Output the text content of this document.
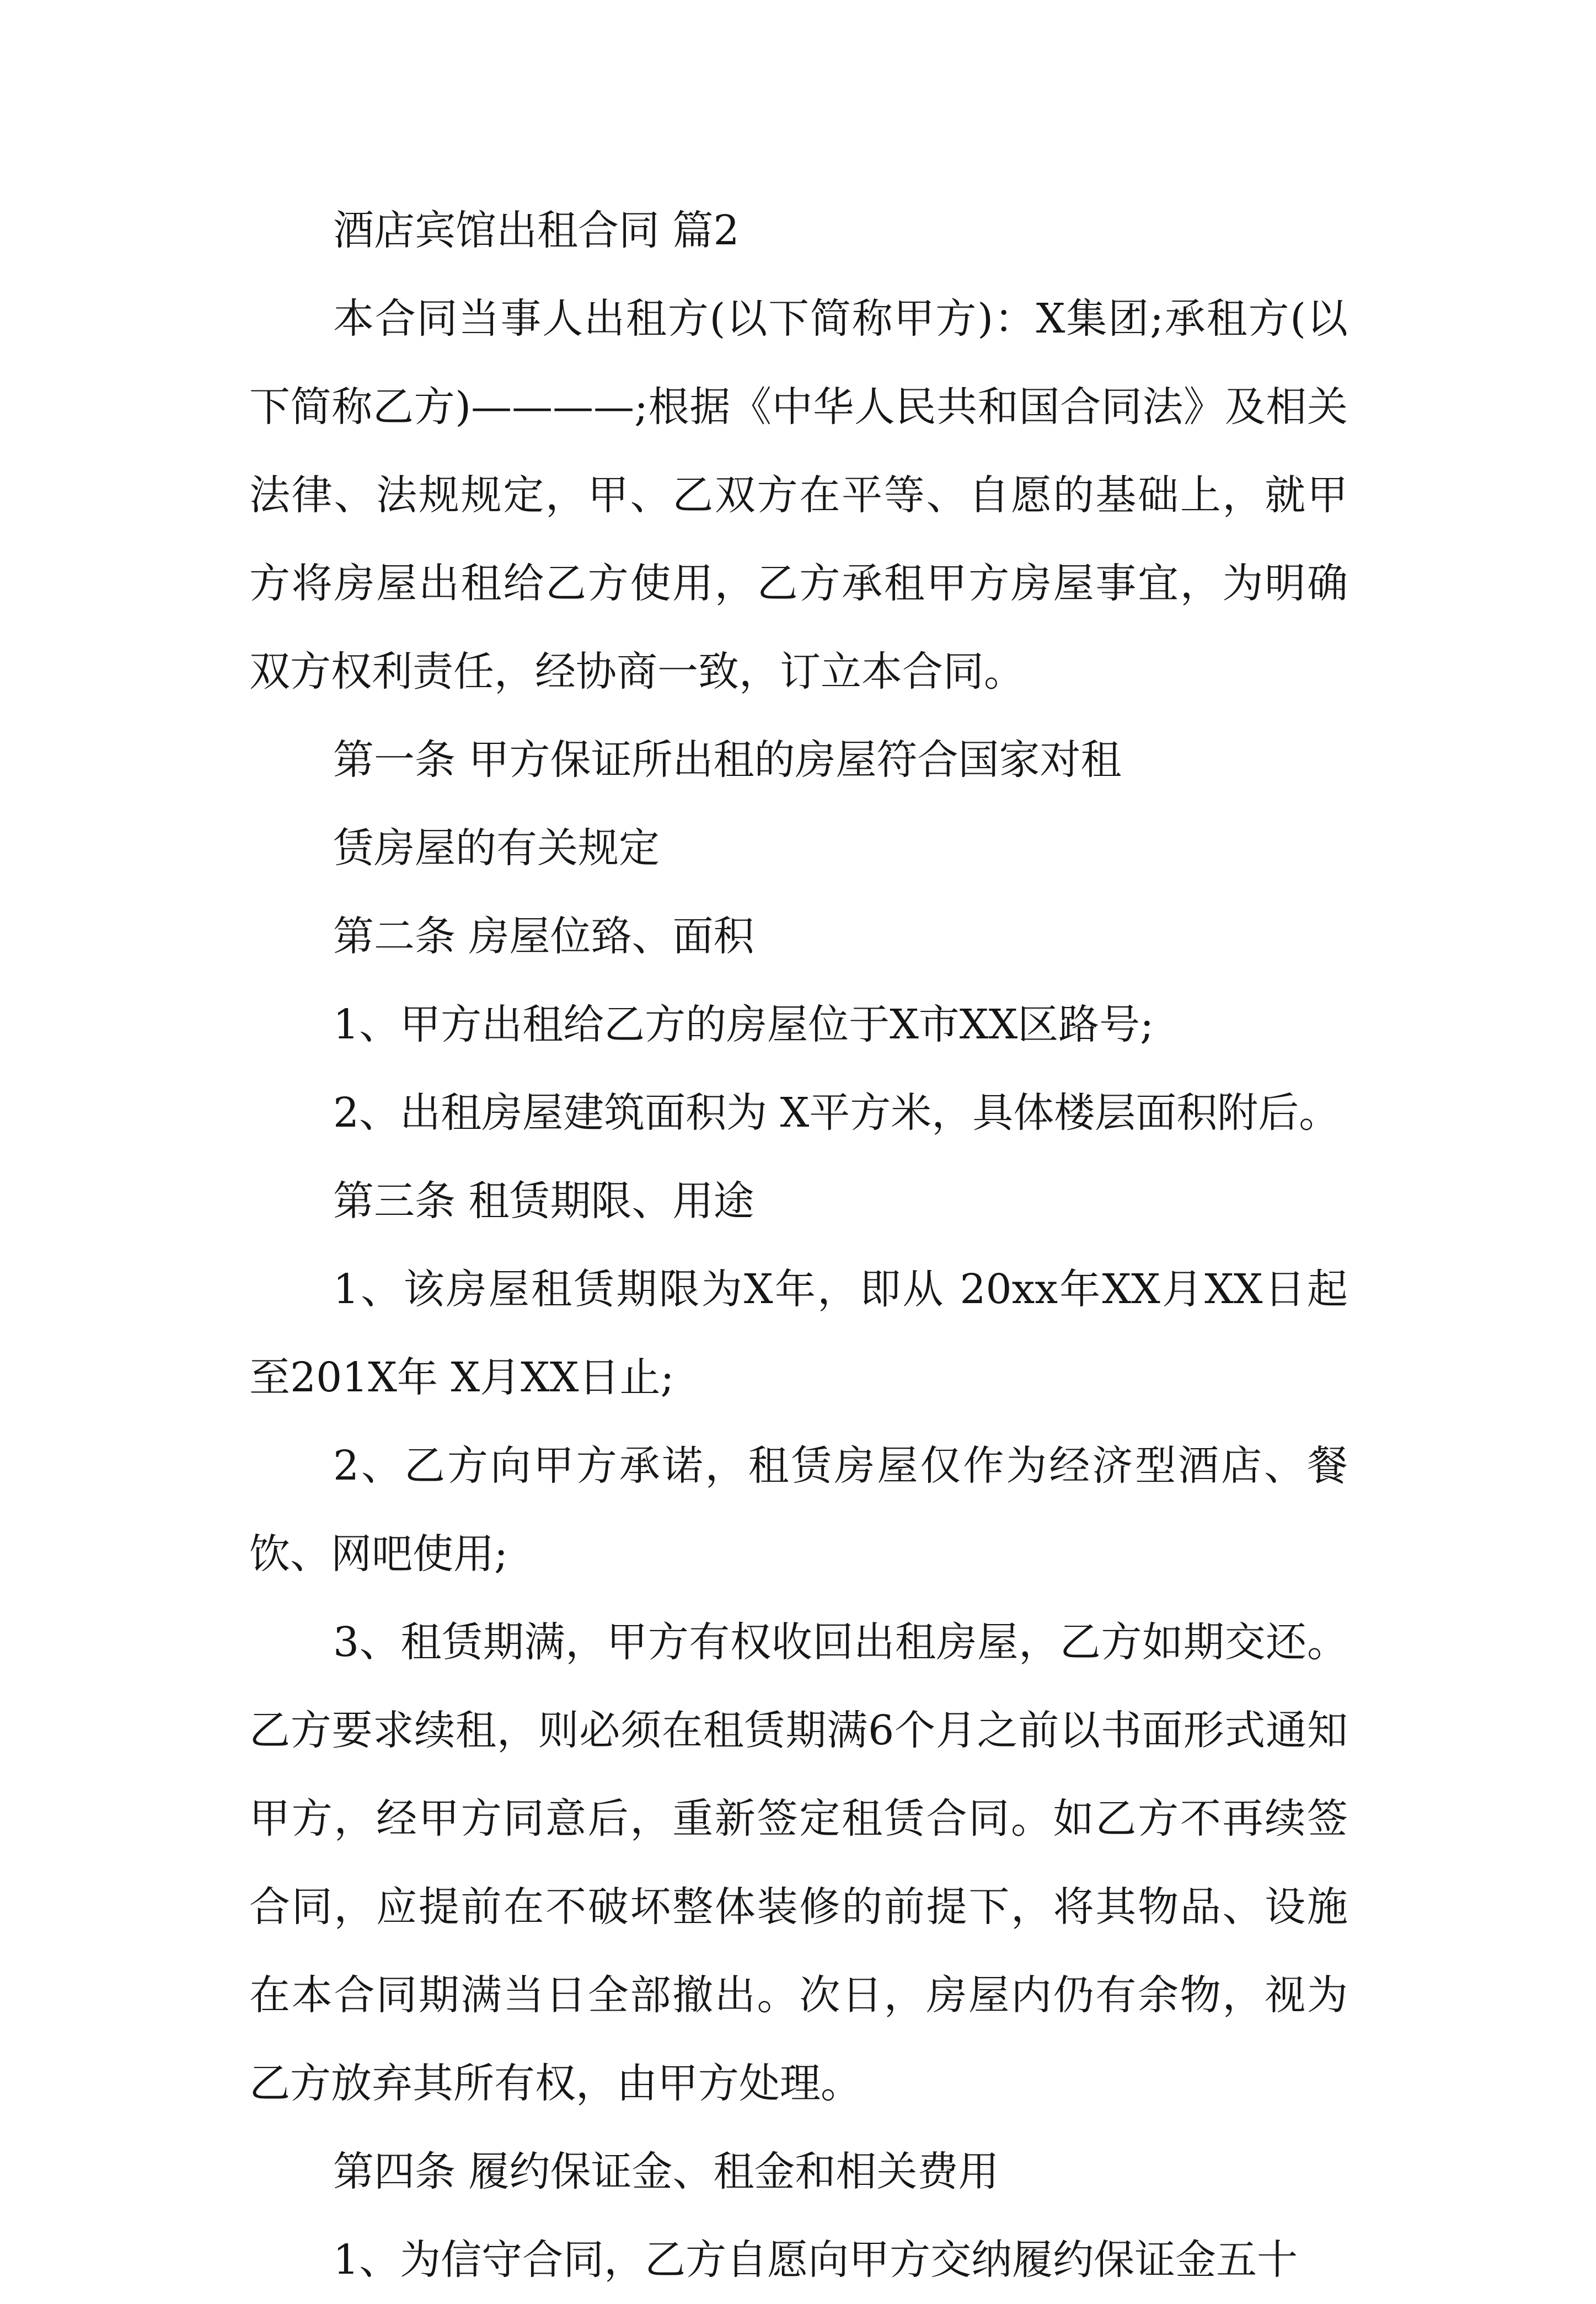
酒店宾馆出租合同 篇2

本合同当事人出租方(以下简称甲方)：X集团;承租方(以下简称乙方)————;根据《中华人民共和国合同法》及相关法律、法规规定，甲、乙双方在平等、自愿的基础上，就甲方将房屋出租给乙方使用，乙方承租甲方房屋事宜，为明确双方权利责任，经协商一致，订立本合同。

第一条 甲方保证所出租的房屋符合国家对租

赁房屋的有关规定

第二条 房屋位臵、面积

1、甲方出租给乙方的房屋位于X市XX区路号;

2、出租房屋建筑面积为 X平方米，具体楼层面积附后。

第三条 租赁期限、用途

1、该房屋租赁期限为X年，即从 20xx年XX月XX日起至201X年 X月XX日止;

2、乙方向甲方承诺，租赁房屋仅作为经济型酒店、餐饮、网吧使用;

3、租赁期满，甲方有权收回出租房屋，乙方如期交还。乙方要求续租，则必须在租赁期满6个月之前以书面形式通知甲方，经甲方同意后，重新签定租赁合同。如乙方不再续签合同，应提前在不破坏整体装修的前提下，将其物品、设施在本合同期满当日全部撤出。次日，房屋内仍有余物，视为乙方放弃其所有权，由甲方处理。

第四条 履约保证金、租金和相关费用

1、为信守合同，乙方自愿向甲方交纳履约保证金五十
